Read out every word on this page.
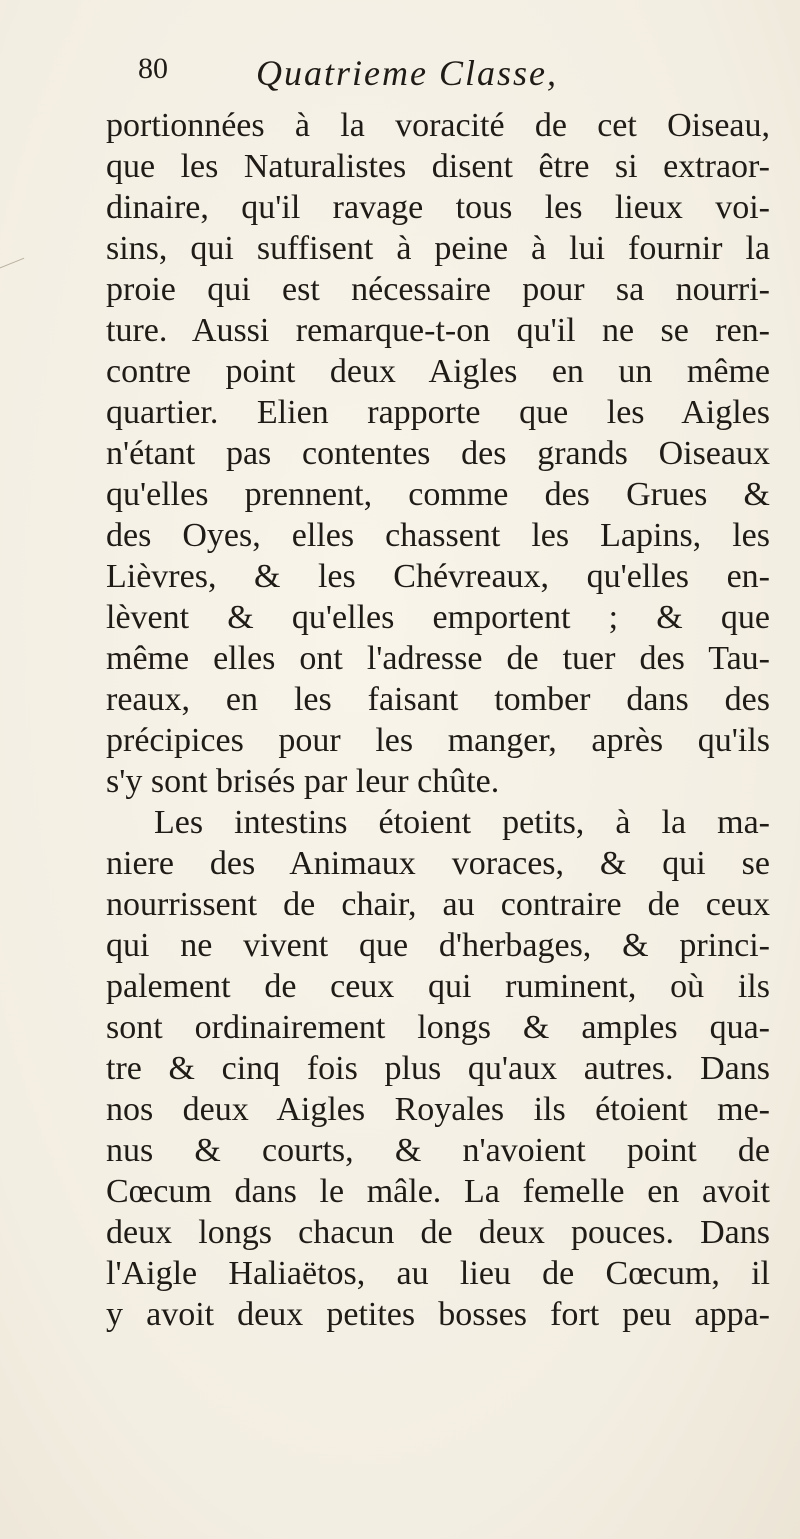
80 Quatrieme Classe,
portionnées à la voracité de cet Oiseau,
que les Naturalistes disent être si extraor-
dinaire, qu'il ravage tous les lieux voi-
sins, qui suffisent à peine à lui fournir la
proie qui est nécessaire pour sa nourri-
ture. Aussi remarque-t-on qu'il ne se ren-
contre point deux Aigles en un même
quartier. Elien rapporte que les Aigles
n'étant pas contentes des grands Oiseaux
qu'elles prennent, comme des Grues &
des Oyes, elles chassent les Lapins, les
Lièvres, & les Chévreaux, qu'elles en-
lèvent & qu'elles emportent ; & que
même elles ont l'adresse de tuer des Tau-
reaux, en les faisant tomber dans des
précipices pour les manger, après qu'ils
s'y sont brisés par leur chûte.
Les intestins étoient petits, à la ma-
niere des Animaux voraces, & qui se
nourrissent de chair, au contraire de ceux
qui ne vivent que d'herbages, & princi-
palement de ceux qui ruminent, où ils
sont ordinairement longs & amples qua-
tre & cinq fois plus qu'aux autres. Dans
nos deux Aigles Royales ils étoient me-
nus & courts, & n'avoient point de
Cœcum dans le mâle. La femelle en avoit
deux longs chacun de deux pouces. Dans
l'Aigle Haliaëtos, au lieu de Cœcum, il
y avoit deux petites bosses fort peu appa-
